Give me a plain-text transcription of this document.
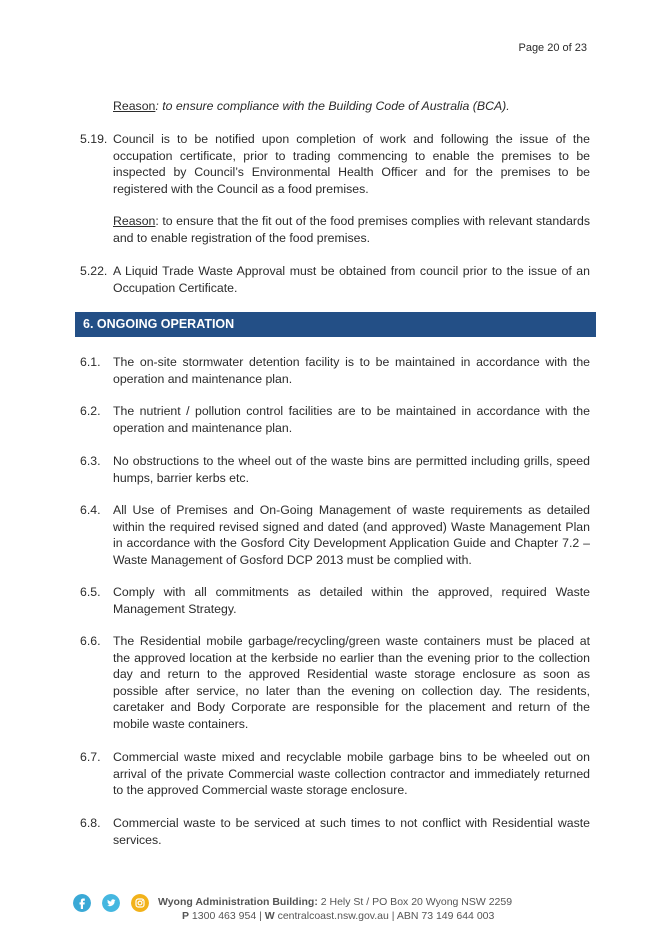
Page 20 of 23
Reason: to ensure compliance with the Building Code of Australia (BCA).
5.19. Council is to be notified upon completion of work and following the issue of the occupation certificate, prior to trading commencing to enable the premises to be inspected by Council’s Environmental Health Officer and for the premises to be registered with the Council as a food premises.
Reason: to ensure that the fit out of the food premises complies with relevant standards and to enable registration of the food premises.
5.22. A Liquid Trade Waste Approval must be obtained from council prior to the issue of an Occupation Certificate.
6. ONGOING OPERATION
6.1.	The on-site stormwater detention facility is to be maintained in accordance with the operation and maintenance plan.
6.2.	The nutrient / pollution control facilities are to be maintained in accordance with the operation and maintenance plan.
6.3.	No obstructions to the wheel out of the waste bins are permitted including grills, speed humps, barrier kerbs etc.
6.4.	All Use of Premises and On-Going Management of waste requirements as detailed within the required revised signed and dated (and approved) Waste Management Plan in accordance with the Gosford City Development Application Guide and Chapter 7.2 – Waste Management of Gosford DCP 2013 must be complied with.
6.5.	Comply with all commitments as detailed within the approved, required Waste Management Strategy.
6.6.	The Residential mobile garbage/recycling/green waste containers must be placed at the approved location at the kerbside no earlier than the evening prior to the collection day and return to the approved Residential waste storage enclosure as soon as possible after service, no later than the evening on collection day. The residents, caretaker and Body Corporate are responsible for the placement and return of the mobile waste containers.
6.7.	Commercial waste mixed and recyclable mobile garbage bins to be wheeled out on arrival of the private Commercial waste collection contractor and immediately returned to the approved Commercial waste storage enclosure.
6.8.	Commercial waste to be serviced at such times to not conflict with Residential waste services.
Wyong Administration Building: 2 Hely St / PO Box 20 Wyong NSW 2259
P 1300 463 954 | W centralcoast.nsw.gov.au | ABN 73 149 644 003
